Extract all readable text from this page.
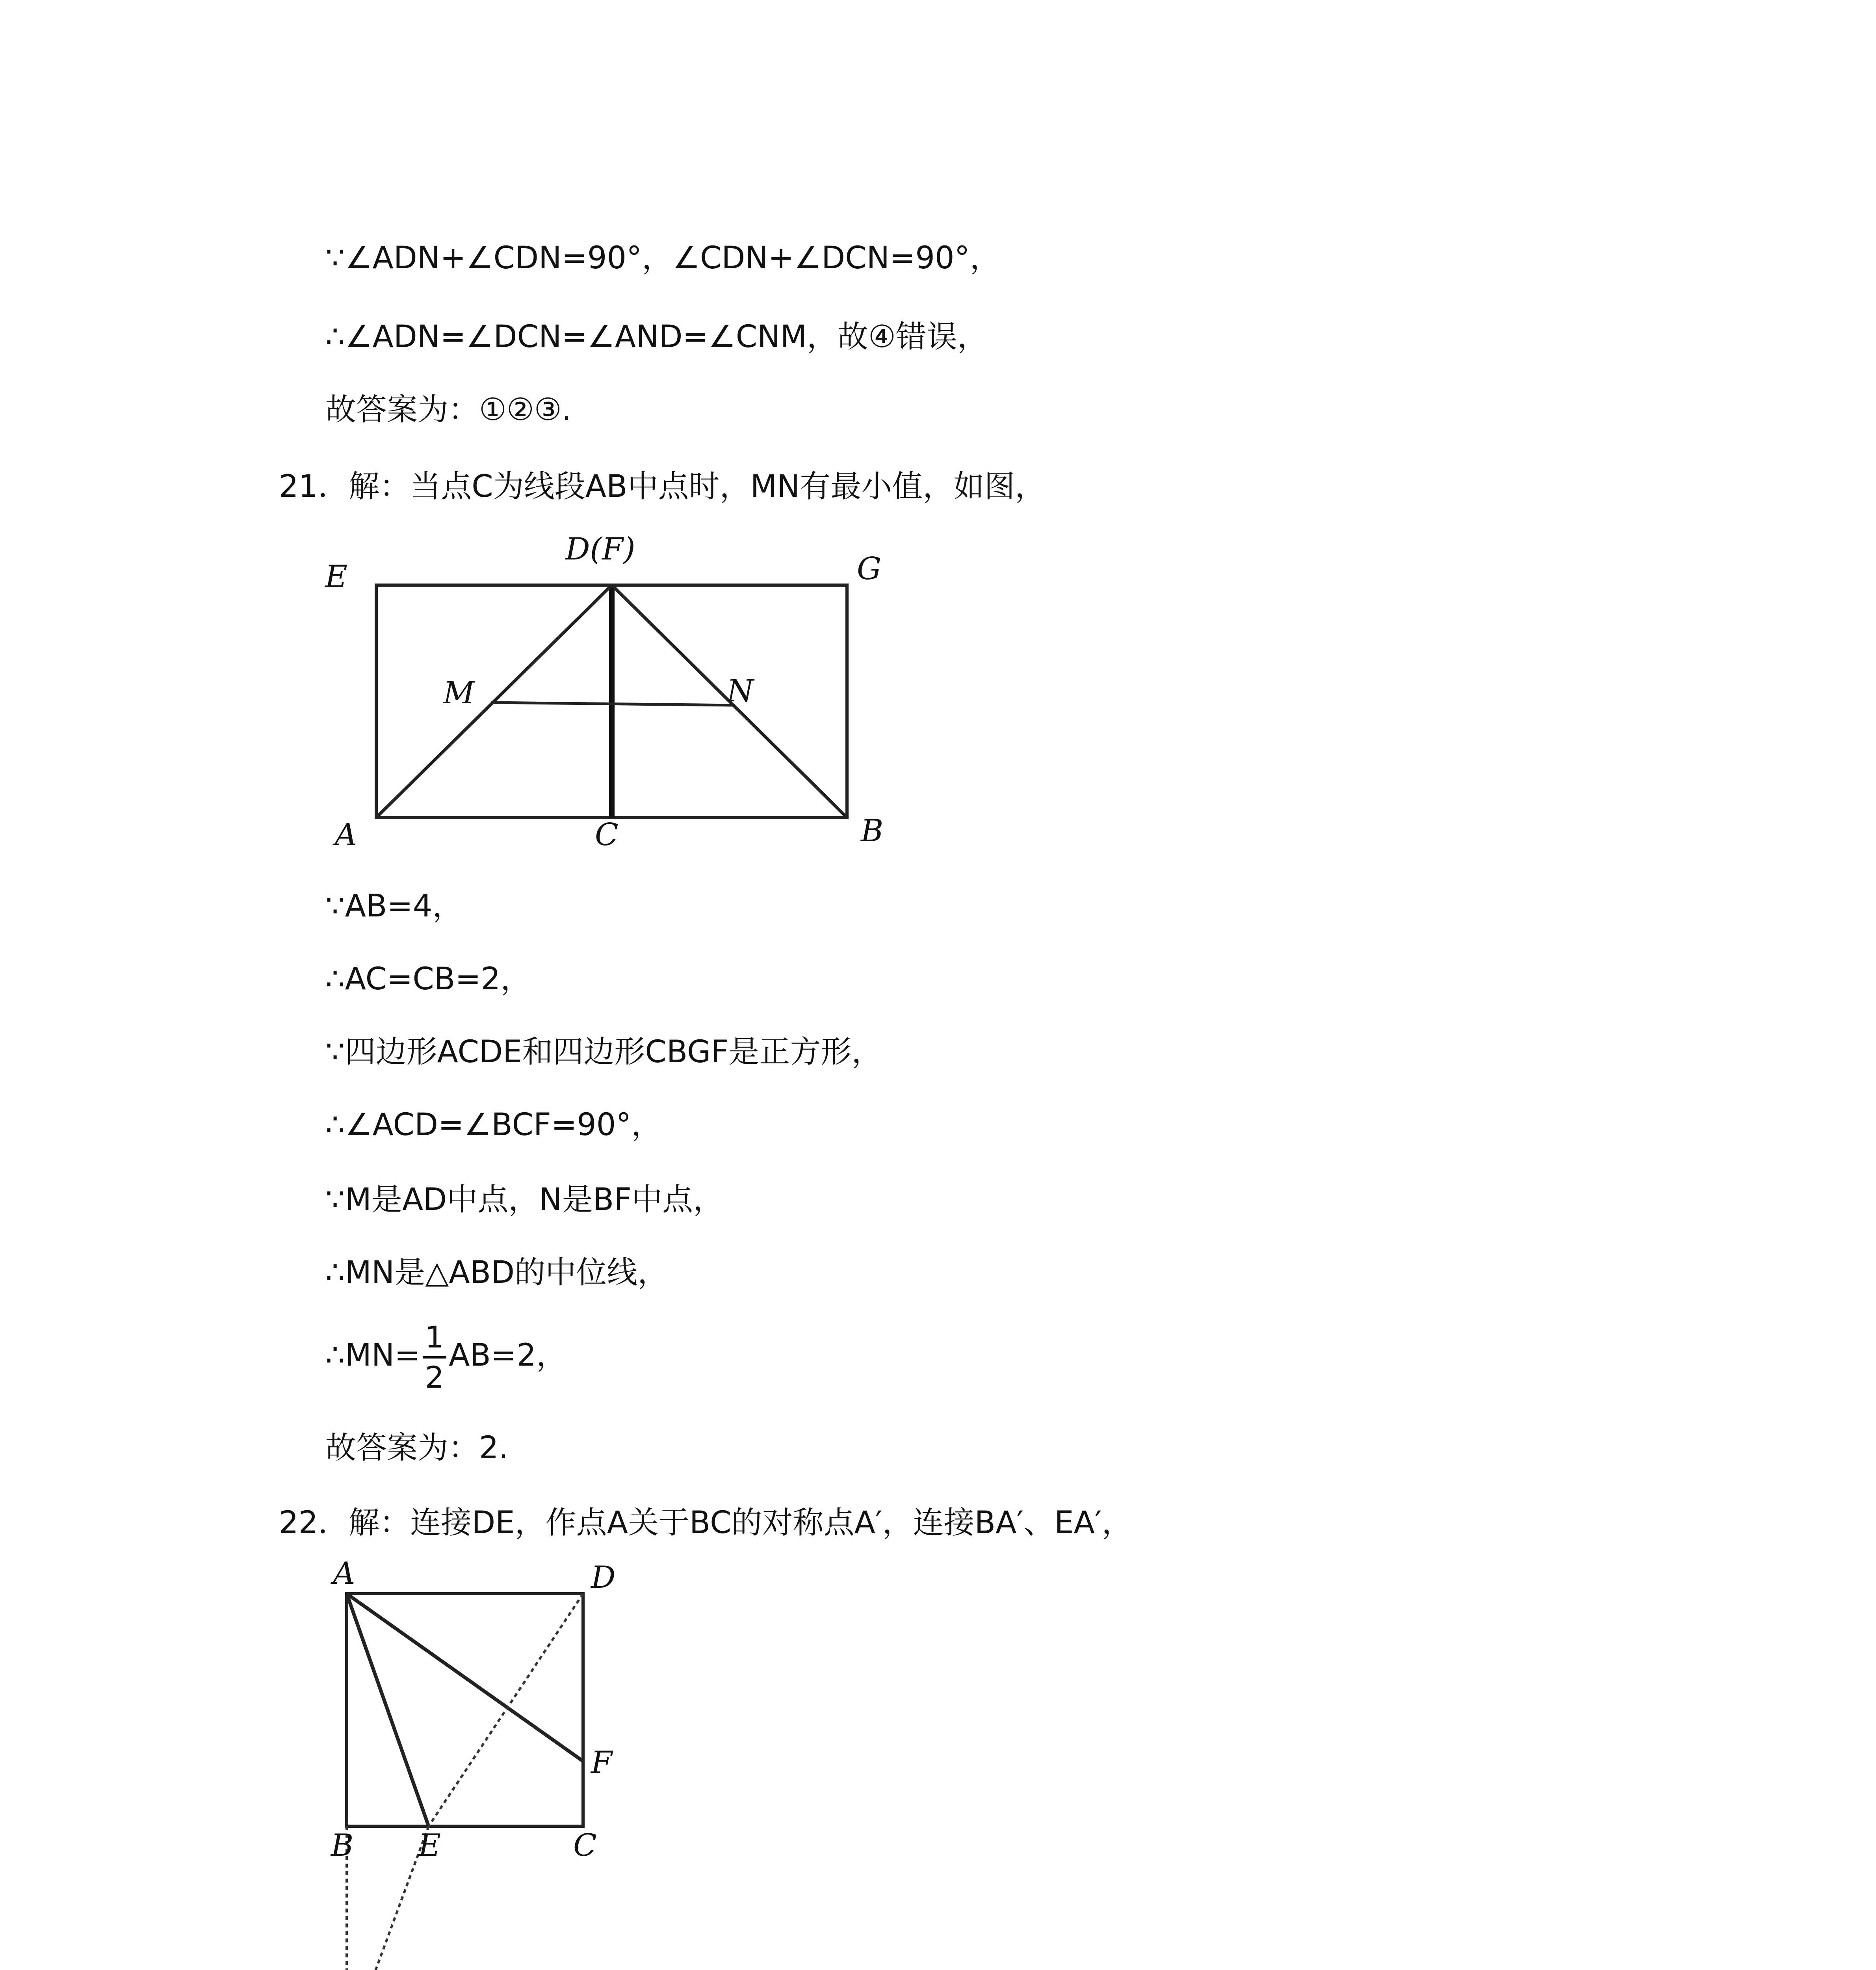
∵∠ADN+∠CDN=90°，∠CDN+∠DCN=90°，
∴∠ADN=∠DCN=∠AND=∠CNM，故④错误，
故答案为：①②③.
21．解：当点C为线段AB中点时，MN有最小值，如图，
E
D(F)
G
M	N
A	C	B
∵AB=4，
∴AC=CB=2，
∵四边形ACDE和四边形CBGF是正方形，
∴∠ACD=∠BCF=90°，
∵M是AD中点，N是BF中点，
∴MN是△ABD的中位线，
∴MN=
1
2
AB=2，
故答案为：2.
22．解：连接DE，作点A关于BC的对称点A′，连接BA′、EA′，
A	D
F
B E	C
